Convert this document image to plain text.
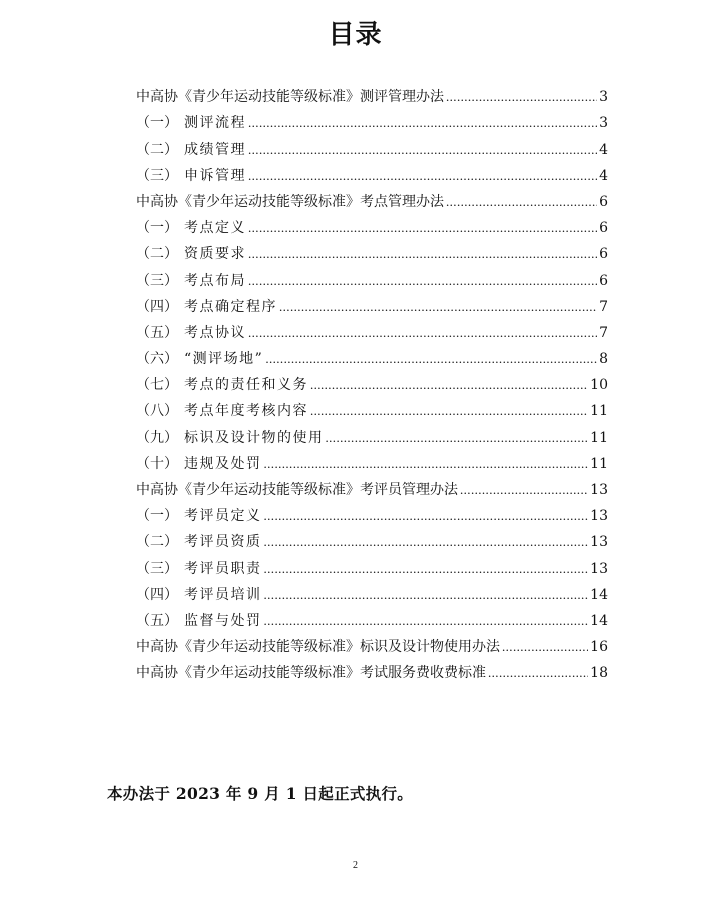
目录
中高协《青少年运动技能等级标准》测评管理办法 .....	3
（一） 测评流程 .....	3
（二） 成绩管理 .....	4
（三） 申诉管理 .....	4
中高协《青少年运动技能等级标准》考点管理办法 .....	6
（一） 考点定义 .....	6
（二） 资质要求 .....	6
（三） 考点布局 .....	6
（四） 考点确定程序 .....	7
（五） 考点协议 .....	7
（六） “测评场地” .....	8
（七） 考点的责任和义务 .....	10
（八） 考点年度考核内容 .....	11
（九） 标识及设计物的使用 .....	11
（十） 违规及处罚 .....	11
中高协《青少年运动技能等级标准》考评员管理办法 .....	13
（一） 考评员定义 .....	13
（二） 考评员资质 .....	13
（三） 考评员职责 .....	13
（四） 考评员培训 .....	14
（五） 监督与处罚 .....	14
中高协《青少年运动技能等级标准》标识及设计物使用办法 .....	16
中高协《青少年运动技能等级标准》考试服务费收费标准 .....	18
本办法于 2023 年 9 月 1 日起正式执行。
2
